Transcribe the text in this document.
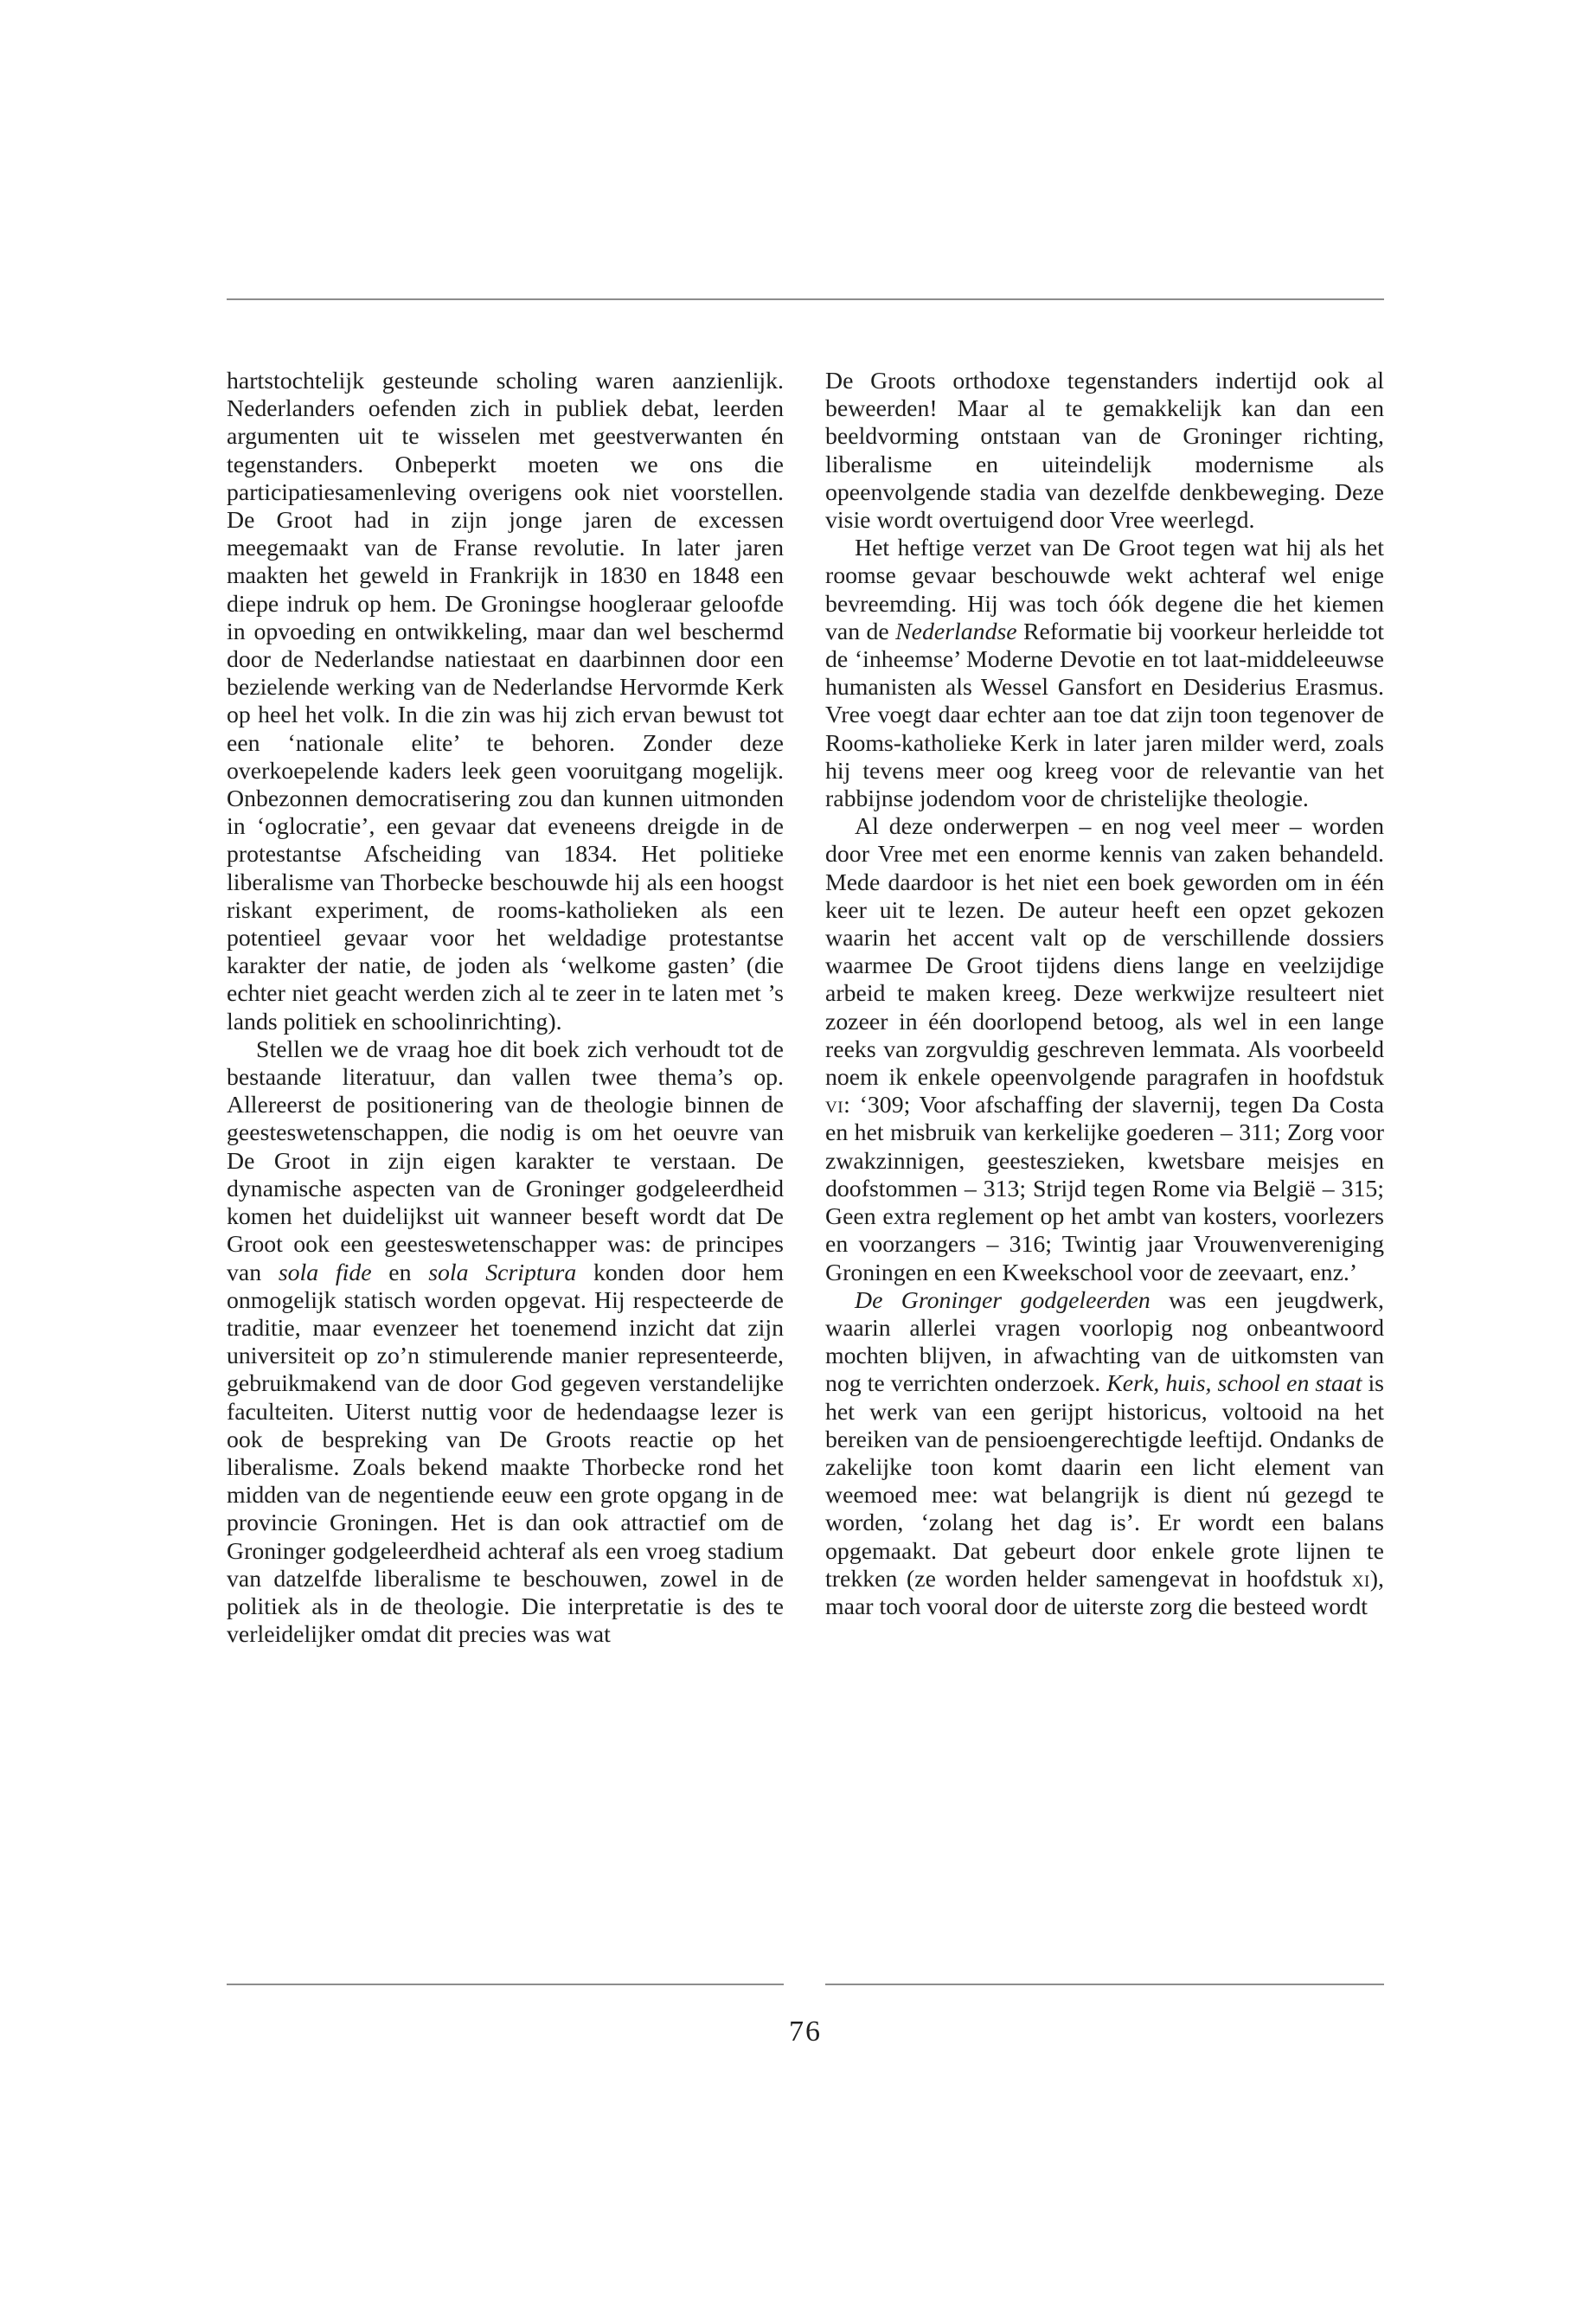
hartstochtelijk gesteunde scholing waren aanzienlijk. Nederlanders oefenden zich in publiek debat, leerden argumenten uit te wisselen met geestverwanten én tegenstanders. Onbeperkt moeten we ons die participatiesamenleving overigens ook niet voorstellen. De Groot had in zijn jonge jaren de excessen meegemaakt van de Franse revolutie. In later jaren maakten het geweld in Frankrijk in 1830 en 1848 een diepe indruk op hem. De Groningse hoogleraar geloofde in opvoeding en ontwikkeling, maar dan wel beschermd door de Nederlandse natiestaat en daarbinnen door een bezielende werking van de Nederlandse Hervormde Kerk op heel het volk. In die zin was hij zich ervan bewust tot een ‘nationale elite’ te behoren. Zonder deze overkoepelende kaders leek geen vooruitgang mogelijk. Onbezonnen democratisering zou dan kunnen uitmonden in ‘oglocratie’, een gevaar dat eveneens dreigde in de protestantse Afscheiding van 1834. Het politieke liberalisme van Thorbecke beschouwde hij als een hoogst riskant experiment, de rooms-katholieken als een potentieel gevaar voor het weldadige protestantse karakter der natie, de joden als ‘welkome gasten’ (die echter niet geacht werden zich al te zeer in te laten met ’s lands politiek en schoolinrichting).

Stellen we de vraag hoe dit boek zich verhoudt tot de bestaande literatuur, dan vallen twee thema’s op. Allereerst de positionering van de theologie binnen de geesteswetenschappen, die nodig is om het oeuvre van De Groot in zijn eigen karakter te verstaan. De dynamische aspecten van de Groninger godgeleerdheid komen het duidelijkst uit wanneer beseft wordt dat De Groot ook een geesteswetenschapper was: de principes van sola fide en sola Scriptura konden door hem onmogelijk statisch worden opgevat. Hij respecteerde de traditie, maar evenzeer het toenemend inzicht dat zijn universiteit op zo’n stimulerende manier representeerde, gebruikmakend van de door God gegeven verstandelijke faculteiten. Uiterst nuttig voor de hedendaagse lezer is ook de bespreking van De Groots reactie op het liberalisme. Zoals bekend maakte Thorbecke rond het midden van de negentiende eeuw een grote opgang in de provincie Groningen. Het is dan ook attractief om de Groninger godgeleerdheid achteraf als een vroeg stadium van datzelfde liberalisme te beschouwen, zowel in de politiek als in de theologie. Die interpretatie is des te verleidelijker omdat dit precies was wat

De Groots orthodoxe tegenstanders indertijd ook al beweerden! Maar al te gemakkelijk kan dan een beeldvorming ontstaan van de Groninger richting, liberalisme en uiteindelijk modernisme als opeenvolgende stadia van dezelfde denkbeweging. Deze visie wordt overtuigend door Vree weerlegd.

Het heftige verzet van De Groot tegen wat hij als het roomse gevaar beschouwde wekt achteraf wel enige bevreemding. Hij was toch óók degene die het kiemen van de Nederlandse Reformatie bij voorkeur herleidde tot de ‘inheemse’ Moderne Devotie en tot laat-middeleeuwse humanisten als Wessel Gansfort en Desiderius Erasmus. Vree voegt daar echter aan toe dat zijn toon tegenover de Rooms-katholieke Kerk in later jaren milder werd, zoals hij tevens meer oog kreeg voor de relevantie van het rabbijnse jodendom voor de christelijke theologie.

Al deze onderwerpen – en nog veel meer – worden door Vree met een enorme kennis van zaken behandeld. Mede daardoor is het niet een boek geworden om in één keer uit te lezen. De auteur heeft een opzet gekozen waarin het accent valt op de verschillende dossiers waarmee De Groot tijdens diens lange en veelzijdige arbeid te maken kreeg. Deze werkwijze resulteert niet zozeer in één doorlopend betoog, als wel in een lange reeks van zorgvuldig geschreven lemmata. Als voorbeeld noem ik enkele opeenvolgende paragrafen in hoofdstuk vi: ‘309; Voor afschaffing der slavernij, tegen Da Costa en het misbruik van kerkelijke goederen – 311; Zorg voor zwakzinnigen, geesteszieken, kwetsbare meisjes en doofstommen – 313; Strijd tegen Rome via België – 315; Geen extra reglement op het ambt van kosters, voorlezers en voorzangers – 316; Twintig jaar Vrouwenvereniging Groningen en een Kweekschool voor de zeevaart, enz.’

De Groninger godgeleerden was een jeugdwerk, waarin allerlei vragen voorlopig nog onbeantwoord mochten blijven, in afwachting van de uitkomsten van nog te verrichten onderzoek. Kerk, huis, school en staat is het werk van een gerijpt historicus, voltooid na het bereiken van de pensioengerechtigde leeftijd. Ondanks de zakelijke toon komt daarin een licht element van weemoed mee: wat belangrijk is dient nú gezegd te worden, ‘zolang het dag is’. Er wordt een balans opgemaakt. Dat gebeurt door enkele grote lijnen te trekken (ze worden helder samengevat in hoofdstuk xi), maar toch vooral door de uiterste zorg die besteed wordt

76
